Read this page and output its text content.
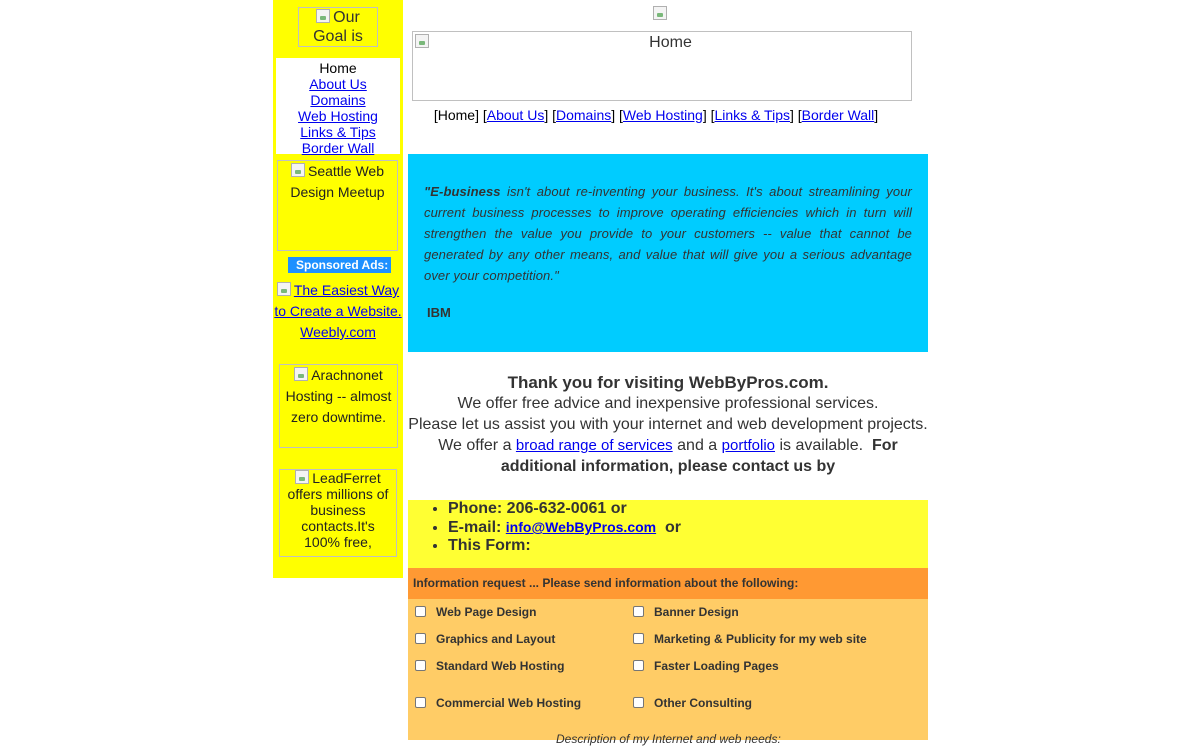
Our Goal is
Home
About Us
Domains
Web Hosting
Links & Tips
Border Wall
Seattle Web Design Meetup
Sponsored Ads:
The Easiest Way to Create a Website. Weebly.com
Arachnonet Hosting -- almost zero downtime.
LeadFerret offers millions of business contacts.It's 100% free,
Home
[Home] [About Us] [Domains] [Web Hosting] [Links & Tips] [Border Wall]
"E-business isn't about re-inventing your business. It's about streamlining your current business processes to improve operating efficiencies which in turn will strengthen the value you provide to your customers -- value that cannot be generated by any other means, and value that will give you a serious advantage over your competition."
IBM
Thank you for visiting WebByPros.com.
We offer free advice and inexpensive professional services.
Please let us assist you with your internet and web development projects. We offer a broad range of services and a portfolio is available. For additional information, please contact us by
• Phone: 206-632-0061 or
• E-mail: info@WebByPros.com or
• This Form:
Information request ... Please send information about the following:
Web Page Design
Graphics and Layout
Standard Web Hosting
Commercial Web Hosting
Banner Design
Marketing & Publicity for my web site
Faster Loading Pages
Other Consulting
Description of my Internet and web needs:
